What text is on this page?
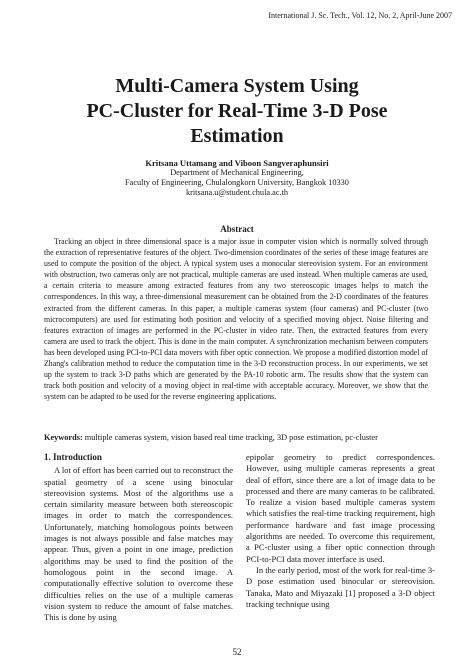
International J. Sc. Tech., Vol. 12, No. 2, April-June 2007
Multi-Camera System Using
PC-Cluster for Real-Time 3-D Pose
Estimation
Kritsana Uttamang and Viboon Sangveraphunsiri
Department of Mechanical Engineering,
Faculty of Engineering, Chulalongkorn University, Bangkok 10330
kritsana.u@student.chula.ac.th
Abstract
Tracking an object in three dimensional space is a major issue in computer vision which is normally solved through the extraction of representative features of the object. Two-dimension coordinates of the series of these image features are used to compute the position of the object. A typical system uses a monocular stereovision system. For an environment with obstruction, two cameras only are not practical, multiple cameras are used instead. When multiple cameras are used, a certain criteria to measure among extracted features from any two stereoscopic images helps to match the correspondences. In this way, a three-dimensional measurement can be obtained from the 2-D coordinates of the features extracted from the different cameras. In this paper, a multiple cameras system (four cameras) and PC-cluster (two microcomputers) are used for estimating both position and velocity of a specified moving object. Noise filtering and features extraction of images are performed in the PC-cluster in video rate. Then, the extracted features from every camera are used to track the object. This is done in the main computer. A synchronization mechanism between computers has been developed using PCI-to-PCI data movers with fiber optic connection. We propose a modified distortion model of Zhang's calibration method to reduce the computation time in the 3-D reconstruction process. In our experiments, we set up the system to track 3-D paths which are generated by the PA-10 robotic arm. The results show that the system can track both position and velocity of a moving object in real-time with acceptable accuracy. Moreover, we show that the system can be adapted to be used for the reverse engineering applications.
Keywords: multiple cameras system, vision based real time tracking, 3D pose estimation, pc-cluster
1. Introduction
A lot of effort has been carried out to reconstruct the spatial geometry of a scene using binocular stereovision systems. Most of the algorithms use a certain similarity measure between both stereoscopic images in order to match the correspondences. Unfortunately, matching homologous points between images is not always possible and false matches may appear. Thus, given a point in one image, prediction algorithms may be used to find the position of the homologous point in the second image. A computationally effective solution to overcome these difficulties relies on the use of a multiple cameras vision system to reduce the amount of false matches. This is done by using
epipolar geometry to predict correspondences. However, using multiple cameras represents a great deal of effort, since there are a lot of image data to be processed and there are many cameras to be calibrated. To realize a vision based multiple cameras system which satisfies the real-time tracking requirement, high performance hardware and fast image processing algorithms are needed. To overcome this requirement, a PC-cluster using a fiber optic connection through PCI-to-PCI data mover interface is used.
In the early period, most of the work for real-time 3-D pose estimation used binocular or stereovision. Tanaka, Mato and Miyazaki [1] proposed a 3-D object tracking technique using
52
